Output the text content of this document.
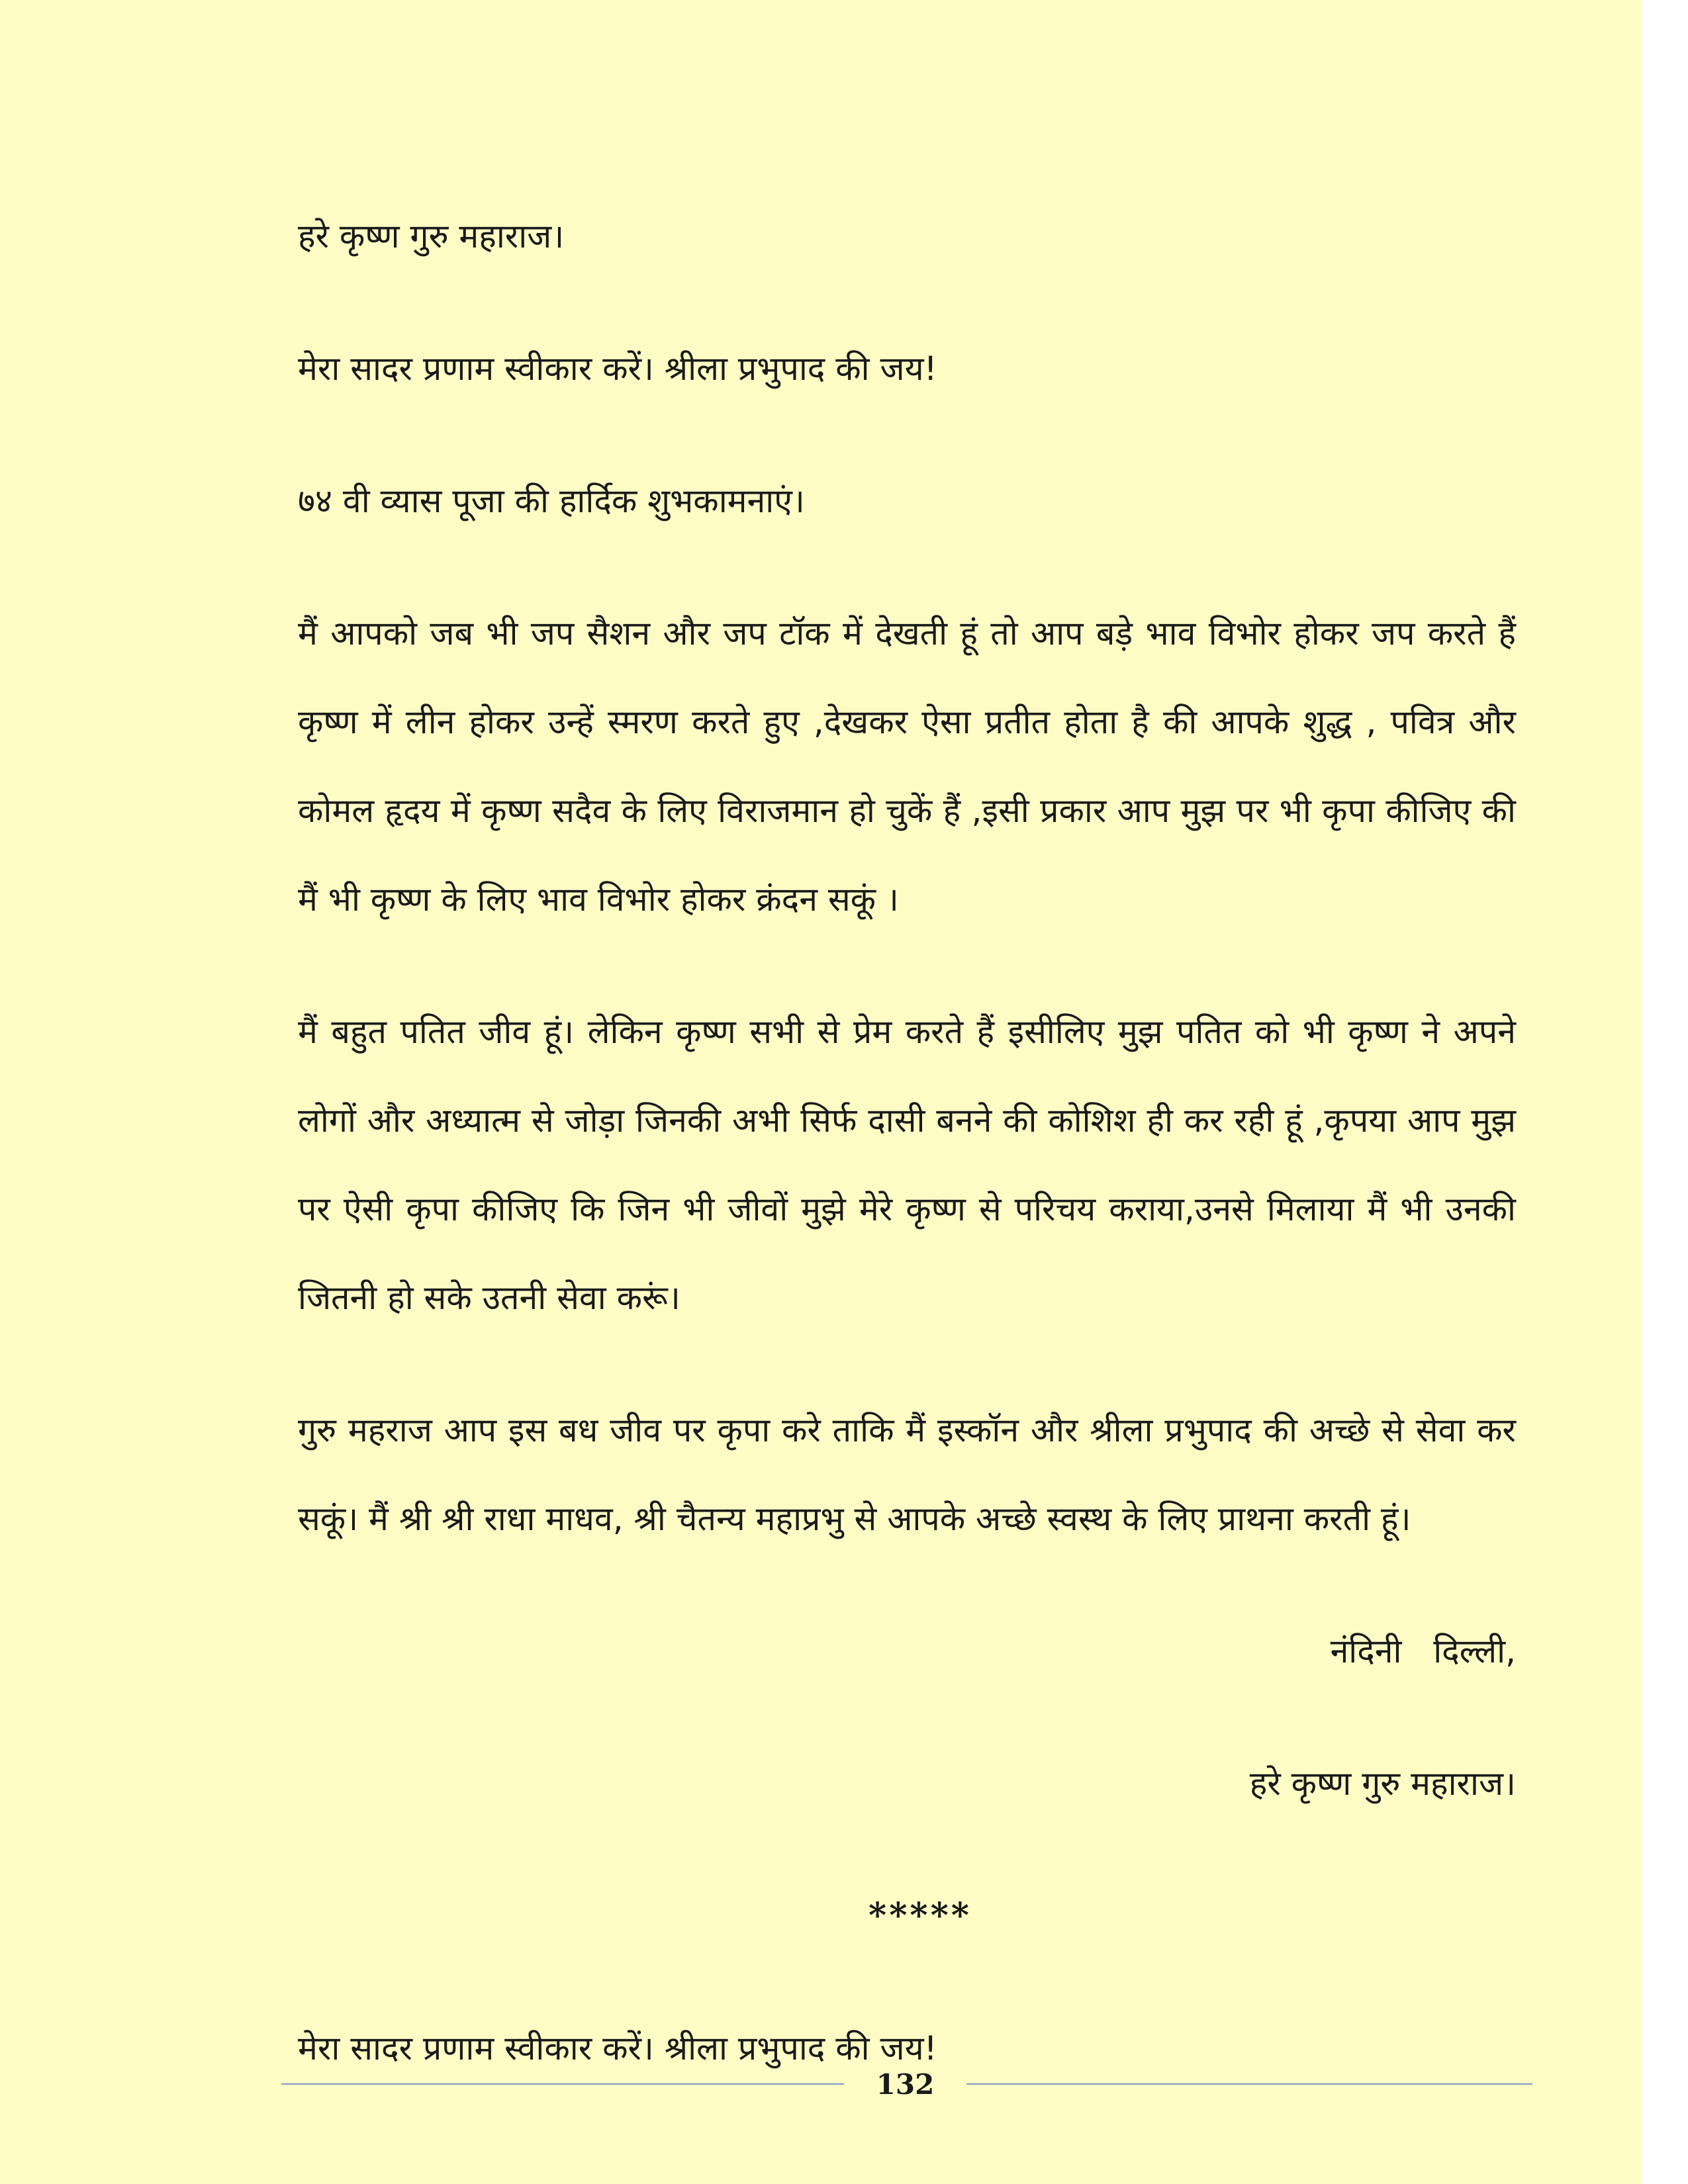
हरे कृष्ण गुरु महाराज।

मेरा सादर प्रणाम स्वीकार करें। श्रीला प्रभुपाद की जय!

७४ वी व्यास पूजा की हार्दिक शुभकामनाएं।

मैं आपको जब भी जप सैशन और जप टॉक में देखती हूं तो आप बड़े भाव विभोर होकर जप करते हैं कृष्ण में लीन होकर उन्हें स्मरण करते हुए ,देखकर ऐसा प्रतीत होता है की आपके शुद्ध , पवित्र और कोमल हृदय में कृष्ण सदैव के लिए विराजमान हो चुकें हैं ,इसी प्रकार आप मुझ पर भी कृपा कीजिए की मैं भी कृष्ण के लिए भाव विभोर होकर क्रंदन सकूं ।

मैं बहुत पतित जीव हूं। लेकिन कृष्ण सभी से प्रेम करते हैं इसीलिए मुझ पतित को भी कृष्ण ने अपने लोगों और अध्यात्म से जोड़ा जिनकी अभी सिर्फ दासी बनने की कोशिश ही कर रही हूं ,कृपया आप मुझ पर ऐसी कृपा कीजिए कि जिन भी जीवों मुझे मेरे कृष्ण से परिचय कराया,उनसे मिलाया मैं भी उनकी जितनी हो सके उतनी सेवा करूं।

गुरु महराज आप इस बध जीव पर कृपा करे ताकि मैं इस्कॉन और श्रीला प्रभुपाद की अच्छे से सेवा कर सकूं। मैं श्री श्री राधा माधव, श्री चैतन्य महाप्रभु से आपके अच्छे स्वस्थ के लिए प्राथना करती हूं।

नंदिनी   दिल्ली,

हरे कृष्ण गुरु महाराज।

*****

मेरा सादर प्रणाम स्वीकार करें। श्रीला प्रभुपाद की जय!

132
